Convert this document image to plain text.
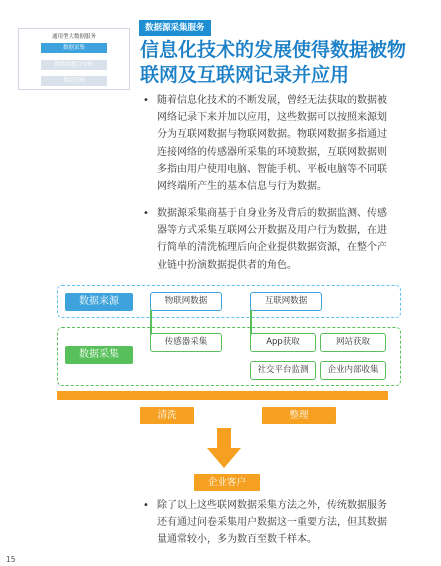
通用型大数据服务
数据采集
微数据整合分析
数据管理
数据源采集服务
信息化技术的发展使得数据被物
联网及互联网记录并应用
• 随着信息化技术的不断发展，曾经无法获取的数据被
网络记录下来并加以应用，这些数据可以按照来源划
分为互联网数据与物联网数据。物联网数据多指通过
连接网络的传感器所采集的环境数据，互联网数据则
多指由用户使用电脑、智能手机、平板电脑等不同联
网终端所产生的基本信息与行为数据。
• 数据源采集商基于自身业务及背后的数据监测、传感
器等方式采集互联网公开数据及用户行为数据，在进
行简单的清洗梳理后向企业提供数据资源，在整个产
业链中扮演数据提供者的角色。
数据来源	物联网数据	互联网数据
数据采集
传感器采集	App获取	网站获取
社交平台监测	企业内部收集
清洗	整理
企业客户
• 除了以上这些联网数据采集方法之外，传统数据服务
还有通过问卷采集用户数据这一重要方法，但其数据
量通常较小，多为数百至数千样本。
15
